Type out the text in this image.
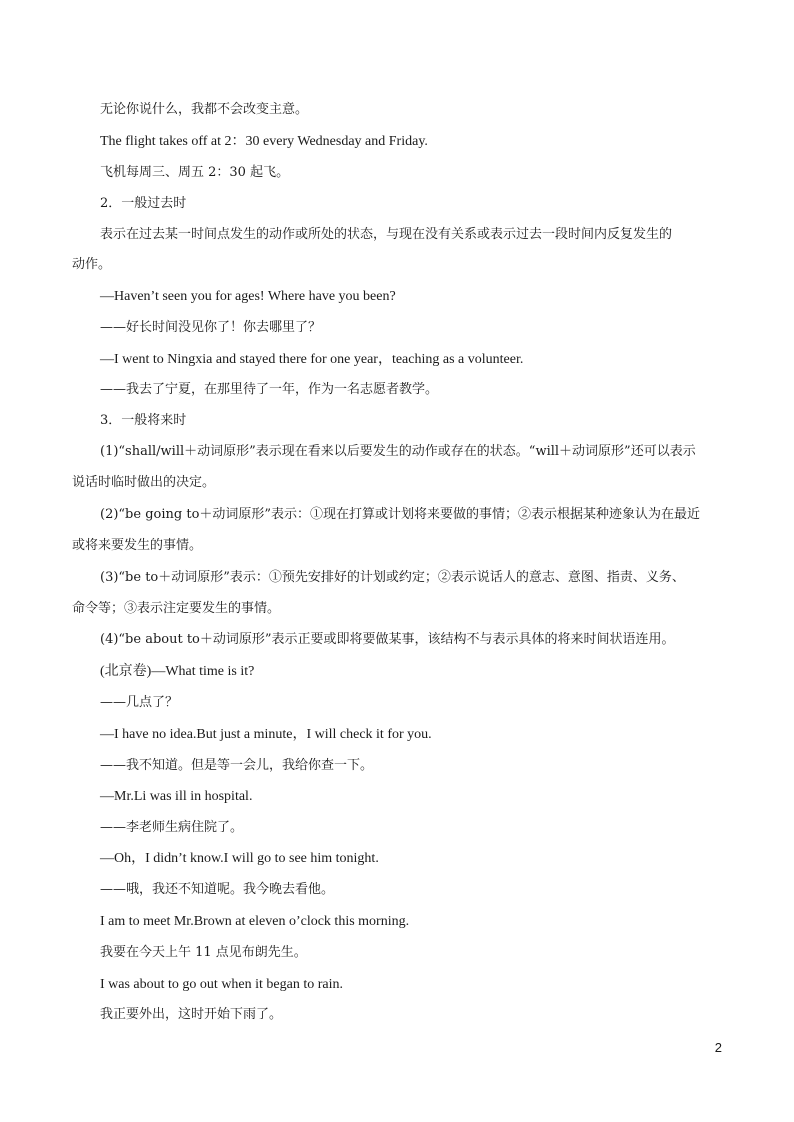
无论你说什么，我都不会改变主意。
The flight takes off at 2：30 every Wednesday and Friday.
飞机每周三、周五 2：30 起飞。
2．一般过去时
表示在过去某一时间点发生的动作或所处的状态，与现在没有关系或表示过去一段时间内反复发生的
动作。
—Haven’t seen you for ages! Where have you been?
——好长时间没见你了！你去哪里了？
—I went to Ningxia and stayed there for one year，teaching as a volunteer.
——我去了宁夏，在那里待了一年，作为一名志愿者教学。
3．一般将来时
(1)“shall/will＋动词原形”表示现在看来以后要发生的动作或存在的状态。“will＋动词原形”还可以表示
说话时临时做出的决定。
(2)“be going to＋动词原形”表示：①现在打算或计划将来要做的事情；②表示根据某种迹象认为在最近
或将来要发生的事情。
(3)“be to＋动词原形”表示：①预先安排好的计划或约定；②表示说话人的意志、意图、指责、义务、
命令等；③表示注定要发生的事情。
(4)“be about to＋动词原形”表示正要或即将要做某事，该结构不与表示具体的将来时间状语连用。
(北京卷)—What time is it?
——几点了？
—I have no idea.But just a minute，I will check it for you.
——我不知道。但是等一会儿，我给你查一下。
—Mr.Li was ill in hospital.
——李老师生病住院了。
—Oh，I didn’t know.I will go to see him tonight.
——哦，我还不知道呢。我今晚去看他。
I am to meet Mr.Brown at eleven o’clock this morning.
我要在今天上午 11 点见布朗先生。
I was about to go out when it began to rain.
我正要外出，这时开始下雨了。
2
